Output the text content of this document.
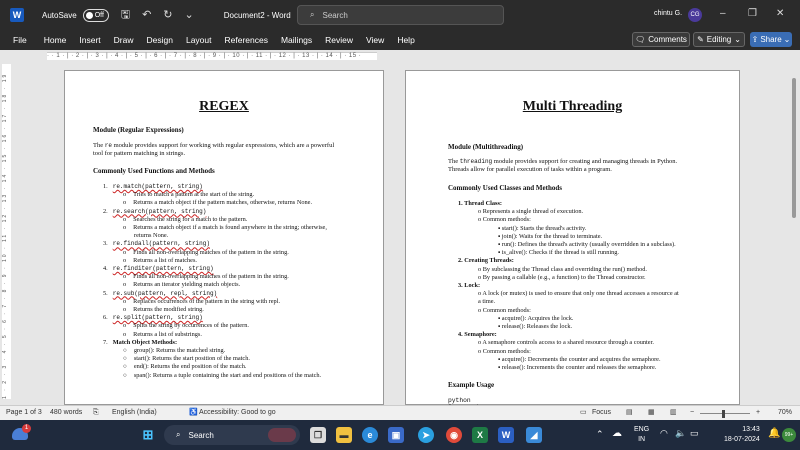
W	AutoSave	Off 🖫 ↶ ↻ ⌄	Document2 - Word ⌕ Search	chintu G.	CG – ❐ ✕
File Home Insert Draw Design Layout References Mailings Review View Help	🗨 Comments ✎ Editing ⌄ ⇪ Share ⌄
· · 1 · | · 2 · | · 3 · | · 4 · | · 5 · | · 6 · | · 7 · | · 8 · | · 9 · | · 10 · | · 11 · | · 12 · | · 13 · | · 14 · | · 15 ·
1 · 2 · 3 · 4 · 5 · 6 · 7 · 8 · 9 · 10 · 11 · 12 · 13 · 14 · 15 · 16 · 17 · 18 · 19	REGEX
Module (Regular Expressions)
The re module provides support for working with regular expressions, which are a powerful
tool for pattern matching in strings.
Commonly Used Functions and Methods
1. re.match(pattern, string)
o Tries to match a pattern at the start of the string.
o Returns a match object if the pattern matches, otherwise, returns None.
2. re.search(pattern, string)
o Searches the string for a match to the pattern.
o Returns a match object if a match is found anywhere in the string; otherwise,
returns None.
3. re.findall(pattern, string)
o Finds all non-overlapping matches of the pattern in the string.
o Returns a list of matches.
4. re.finditer(pattern, string)
o Finds all non-overlapping matches of the pattern in the string.
o Returns an iterator yielding match objects.
5. re.sub(pattern, repl, string)
o Replaces occurrences of the pattern in the string with repl.
o Returns the modified string.
6. re.split(pattern, string)
o Splits the string by occurrences of the pattern.
o Returns a list of substrings.
7. Match Object Methods:
○ group(): Returns the matched string.
○ start(): Returns the start position of the match.
○ end(): Returns the end position of the match.
○ span(): Returns a tuple containing the start and end positions of the match.
Multi Threading
Module (Multithreading)
The threading module provides support for creating and managing threads in Python.
Threads allow for parallel execution of tasks within a program.
Commonly Used Classes and Methods
1. Thread Class:
o Represents a single thread of execution.
o Common methods:
▪ start(): Starts the thread's activity.
▪ join(): Waits for the thread to terminate.
▪ run(): Defines the thread's activity (usually overridden in a subclass).
▪ is_alive(): Checks if the thread is still running.
2. Creating Threads:
o By subclassing the Thread class and overriding the run() method.
o By passing a callable (e.g., a function) to the Thread constructor.
3. Lock:
o A lock (or mutex) is used to ensure that only one thread accesses a resource at
a time.
o Common methods:
▪ acquire(): Acquires the lock.
▪ release(): Releases the lock.
4. Semaphore:
o A semaphore controls access to a shared resource through a counter.
o Common methods:
▪ acquire(): Decrements the counter and acquires the semaphore.
▪ release(): Increments the counter and releases the semaphore.
Example Usage
python
Page 1 of 3 480 words ⎘ English (India)	♿ Accessibility: Good to go	▭ Focus ▤ ▦ ▥ −	+	70%
1	⊞	⌕ Search	❐	▬	e	▣	➤	◉	X	W	◢	⌃ ☁ ENG
IN
◠ 🔈 ▭	13:43
18-07-2024
🔔 99+
